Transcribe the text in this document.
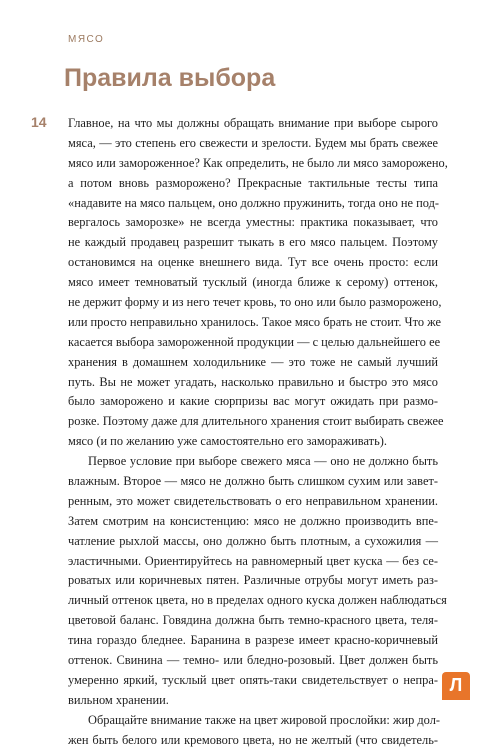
МЯСО
Правила выбора
14 Главное, на что мы должны обращать внимание при выборе сырого
мяса, — это степень его свежести и зрелости. Будем мы брать свежее
мясо или замороженное? Как определить, не было ли мясо заморожено,
а потом вновь разморожено? Прекрасные тактильные тесты типа
«надавите на мясо пальцем, оно должно пружинить, тогда оно не под-
вергалось заморозке» не всегда уместны: практика показывает, что
не каждый продавец разрешит тыкать в его мясо пальцем. Поэтому
остановимся на оценке внешнего вида. Тут все очень просто: если
мясо имеет темноватый тусклый (иногда ближе к серому) оттенок,
не держит форму и из него течет кровь, то оно или было разморожено,
или просто неправильно хранилось. Такое мясо брать не стоит. Что же
касается выбора замороженной продукции — с целью дальнейшего ее
хранения в домашнем холодильнике — это тоже не самый лучший
путь. Вы не может угадать, насколько правильно и быстро это мясо
было заморожено и какие сюрпризы вас могут ожидать при размо-
розке. Поэтому даже для длительного хранения стоит выбирать свежее
мясо (и по желанию уже самостоятельно его замораживать).
Первое условие при выборе свежего мяса — оно не должно быть
влажным. Второе — мясо не должно быть слишком сухим или завет-
ренным, это может свидетельствовать о его неправильном хранении.
Затем смотрим на консистенцию: мясо не должно производить впе-
чатление рыхлой массы, оно должно быть плотным, а сухожилия —
эластичными. Ориентируйтесь на равномерный цвет куска — без се-
роватых или коричневых пятен. Различные отрубы могут иметь раз-
личный оттенок цвета, но в пределах одного куска должен наблюдаться
цветовой баланс. Говядина должна быть темно-красного цвета, теля-
тина гораздо бледнее. Баранина в разрезе имеет красно-коричневый
оттенок. Свинина — темно- или бледно-розовый. Цвет должен быть
умеренно яркий, тусклый цвет опять-таки свидетельствует о непра-
вильном хранении.
Обращайте внимание также на цвет жировой прослойки: жир дол-
жен быть белого или кремового цвета, но не желтый (что свидетель-
Л
